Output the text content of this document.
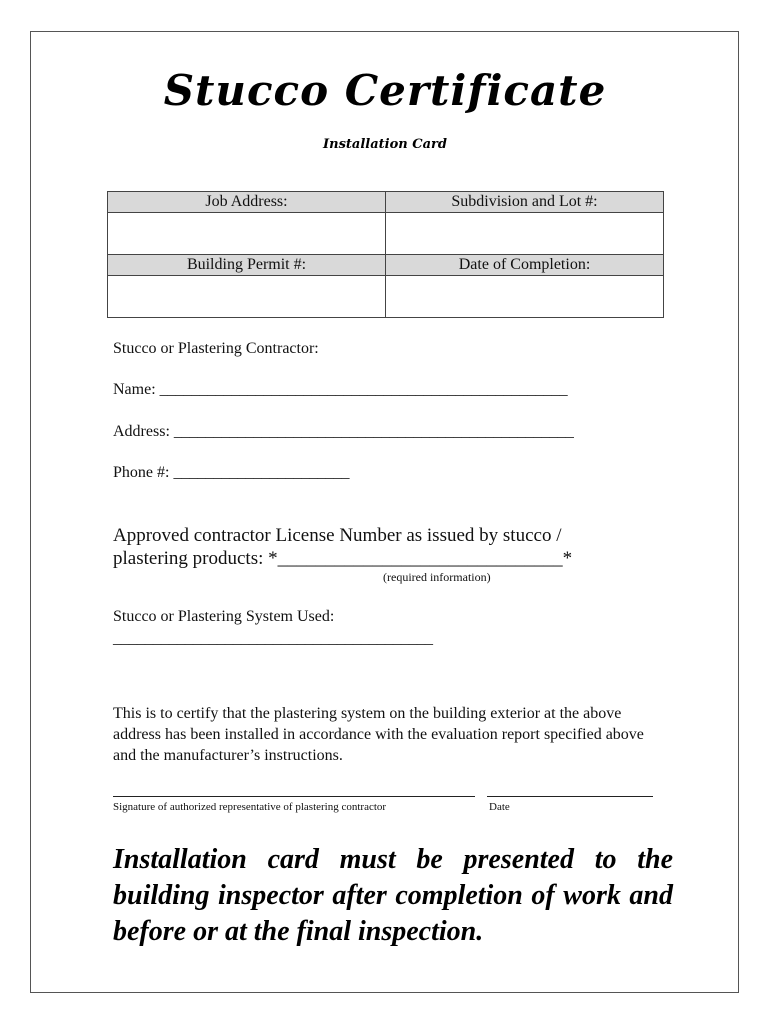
Stucco Certificate
Installation Card
Job Address:	Subdivision and Lot #:

Building Permit #:	Date of Completion:

Stucco or Plastering Contractor:
Name: ___________________________________________________
Address: __________________________________________________
Phone #: ______________________
Approved contractor License Number as issued by stucco /
plastering products: *______________________________*
(required information)
Stucco or Plastering System Used:
________________________________________
This is to certify that the plastering system on the building exterior at the above address has been installed in accordance with the evaluation report specified above and the manufacturer’s instructions.
Signature of authorized representative of plastering contractor	Date
Installation card must be presented to the building inspector after completion of work and before or at the final inspection.
